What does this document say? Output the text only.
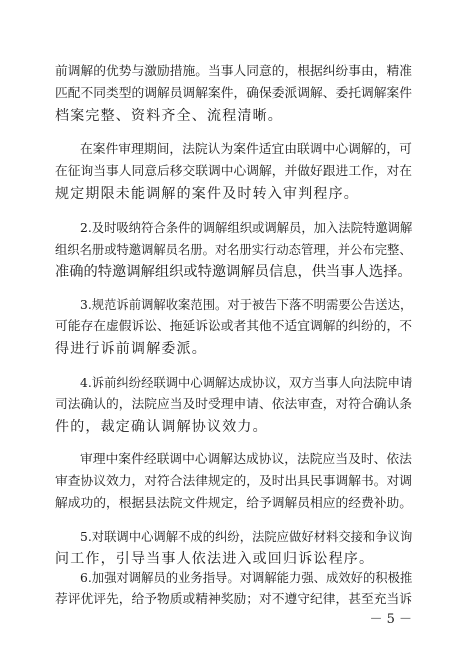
前调解的优势与激励措施。当事人同意的，根据纠纷事由，精准
匹配不同类型的调解员调解案件，确保委派调解、委托调解案件
档案完整、资料齐全、流程清晰。
在案件审理期间，法院认为案件适宜由联调中心调解的，可
在征询当事人同意后移交联调中心调解，并做好跟进工作，对在
规定期限未能调解的案件及时转入审判程序。
2.及时吸纳符合条件的调解组织或调解员，加入法院特邀调解
组织名册或特邀调解员名册。对名册实行动态管理，并公布完整、
准确的特邀调解组织或特邀调解员信息，供当事人选择。
3.规范诉前调解收案范围。对于被告下落不明需要公告送达，
可能存在虚假诉讼、拖延诉讼或者其他不适宜调解的纠纷的，不
得进行诉前调解委派。
4.诉前纠纷经联调中心调解达成协议，双方当事人向法院申请
司法确认的，法院应当及时受理申请、依法审查，对符合确认条
件的，裁定确认调解协议效力。
审理中案件经联调中心调解达成协议，法院应当及时、依法
审查协议效力，对符合法律规定的，及时出具民事调解书。对调
解成功的，根据县法院文件规定，给予调解员相应的经费补助。
5.对联调中心调解不成的纠纷，法院应做好材料交接和争议询
问工作，引导当事人依法进入或回归诉讼程序。
6.加强对调解员的业务指导。对调解能力强、成效好的积极推
荐评优评先，给予物质或精神奖励；对不遵守纪律，甚至充当诉
－ 5 －
